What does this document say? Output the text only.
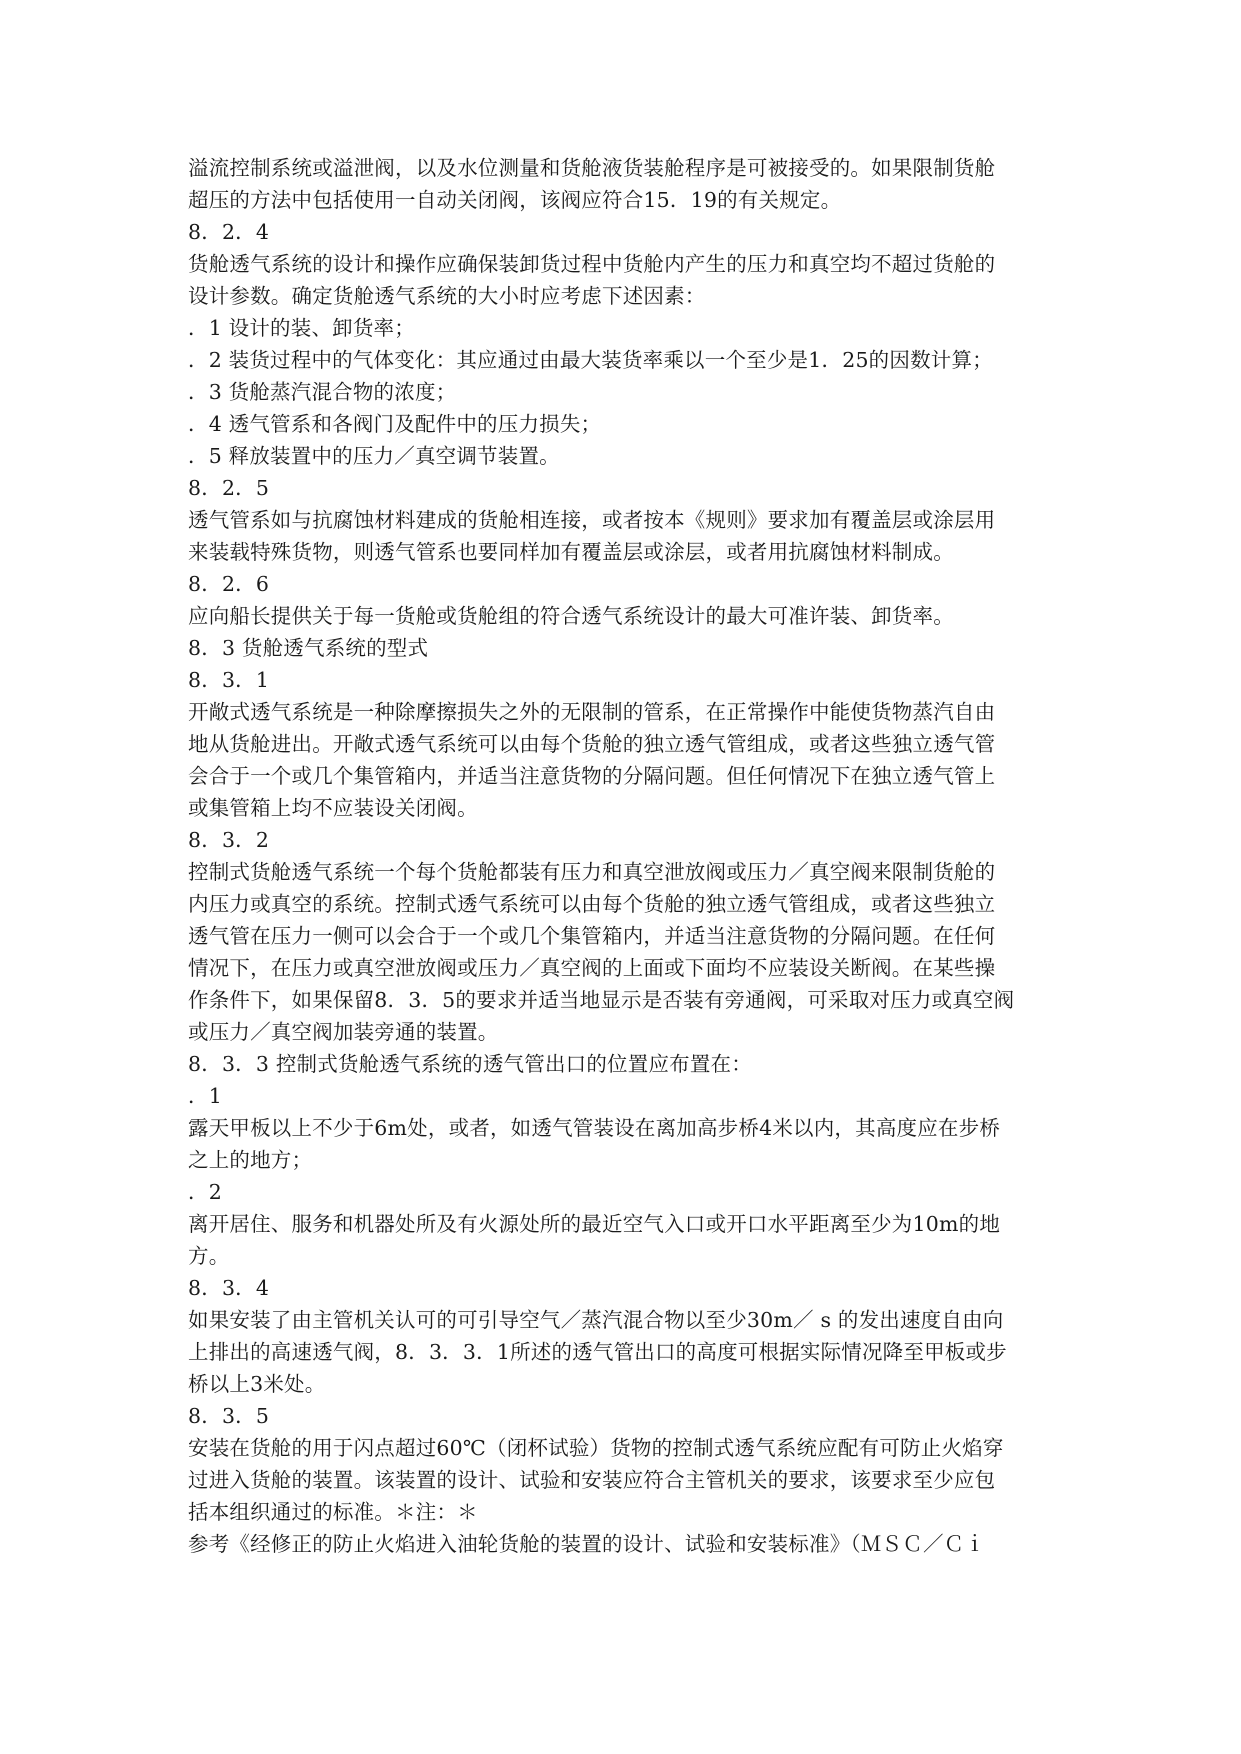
溢流控制系统或溢泄阀，以及水位测量和货舱液货装舱程序是可被接受的。如果限制货舱
超压的方法中包括使用一自动关闭阀，该阀应符合15．19的有关规定。
8．2．4
货舱透气系统的设计和操作应确保装卸货过程中货舱内产生的压力和真空均不超过货舱的
设计参数。确定货舱透气系统的大小时应考虑下述因素：
．1 设计的装、卸货率；
．2 装货过程中的气体变化：其应通过由最大装货率乘以一个至少是1．25的因数计算；
．3 货舱蒸汽混合物的浓度；
．4 透气管系和各阀门及配件中的压力损失；
．5 释放装置中的压力／真空调节装置。
8．2．5
透气管系如与抗腐蚀材料建成的货舱相连接，或者按本《规则》要求加有覆盖层或涂层用
来装载特殊货物，则透气管系也要同样加有覆盖层或涂层，或者用抗腐蚀材料制成。
8．2．6
应向船长提供关于每一货舱或货舱组的符合透气系统设计的最大可准许装、卸货率。
8．3 货舱透气系统的型式
8．3．1
开敞式透气系统是一种除摩擦损失之外的无限制的管系，在正常操作中能使货物蒸汽自由
地从货舱进出。开敞式透气系统可以由每个货舱的独立透气管组成，或者这些独立透气管
会合于一个或几个集管箱内，并适当注意货物的分隔问题。但任何情况下在独立透气管上
或集管箱上均不应装设关闭阀。
8．3．2
控制式货舱透气系统一个每个货舱都装有压力和真空泄放阀或压力／真空阀来限制货舱的
内压力或真空的系统。控制式透气系统可以由每个货舱的独立透气管组成，或者这些独立
透气管在压力一侧可以会合于一个或几个集管箱内，并适当注意货物的分隔问题。在任何
情况下，在压力或真空泄放阀或压力／真空阀的上面或下面均不应装设关断阀。在某些操
作条件下，如果保留8．3．5的要求并适当地显示是否装有旁通阀，可采取对压力或真空阀
或压力／真空阀加装旁通的装置。
8．3．3 控制式货舱透气系统的透气管出口的位置应布置在：
．1
露天甲板以上不少于6m处，或者，如透气管装设在离加高步桥4米以内，其高度应在步桥
之上的地方；
．2
离开居住、服务和机器处所及有火源处所的最近空气入口或开口水平距离至少为10m的地
方。
8．3．4
如果安装了由主管机关认可的可引导空气／蒸汽混合物以至少30m／ s 的发出速度自由向
上排出的高速透气阀，8．3．3．1所述的透气管出口的高度可根据实际情况降至甲板或步
桥以上3米处。
8．3．5
安装在货舱的用于闪点超过60℃（闭杯试验）货物的控制式透气系统应配有可防止火焰穿
过进入货舱的装置。该装置的设计、试验和安装应符合主管机关的要求，该要求至少应包
括本组织通过的标准。＊注：＊
参考《经修正的防止火焰进入油轮货舱的装置的设计、试验和安装标准》（ＭＳＣ／Ｃｉ
